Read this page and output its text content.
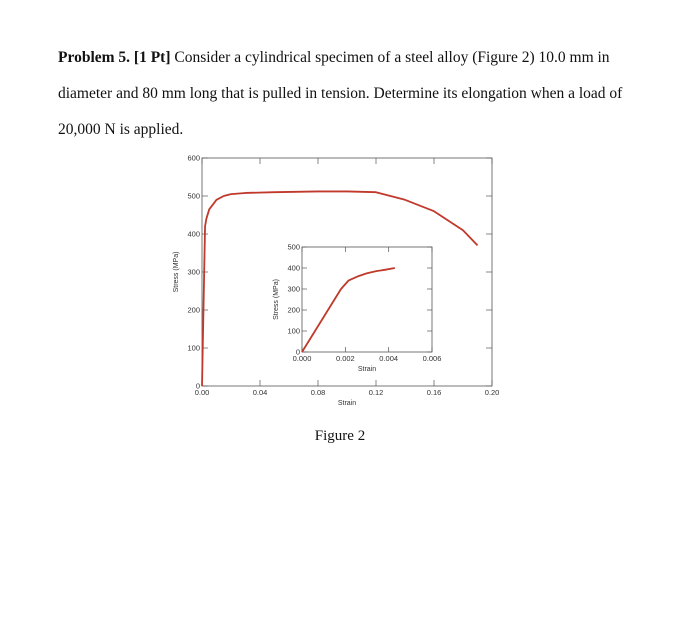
Problem 5. [1 Pt] Consider a cylindrical specimen of a steel alloy (Figure 2) 10.0 mm in diameter and 80 mm long that is pulled in tension. Determine its elongation when a load of 20,000 N is applied.
0.00	0.04	0.08	0.12	0.16	0.20
0
100
200
300
400
500
600
Strain
Stress (MPa)
0.000	0.002	0.004	0.006
0
100
200
300
400
500
Strain
Stress (MPa)
Figure 2
